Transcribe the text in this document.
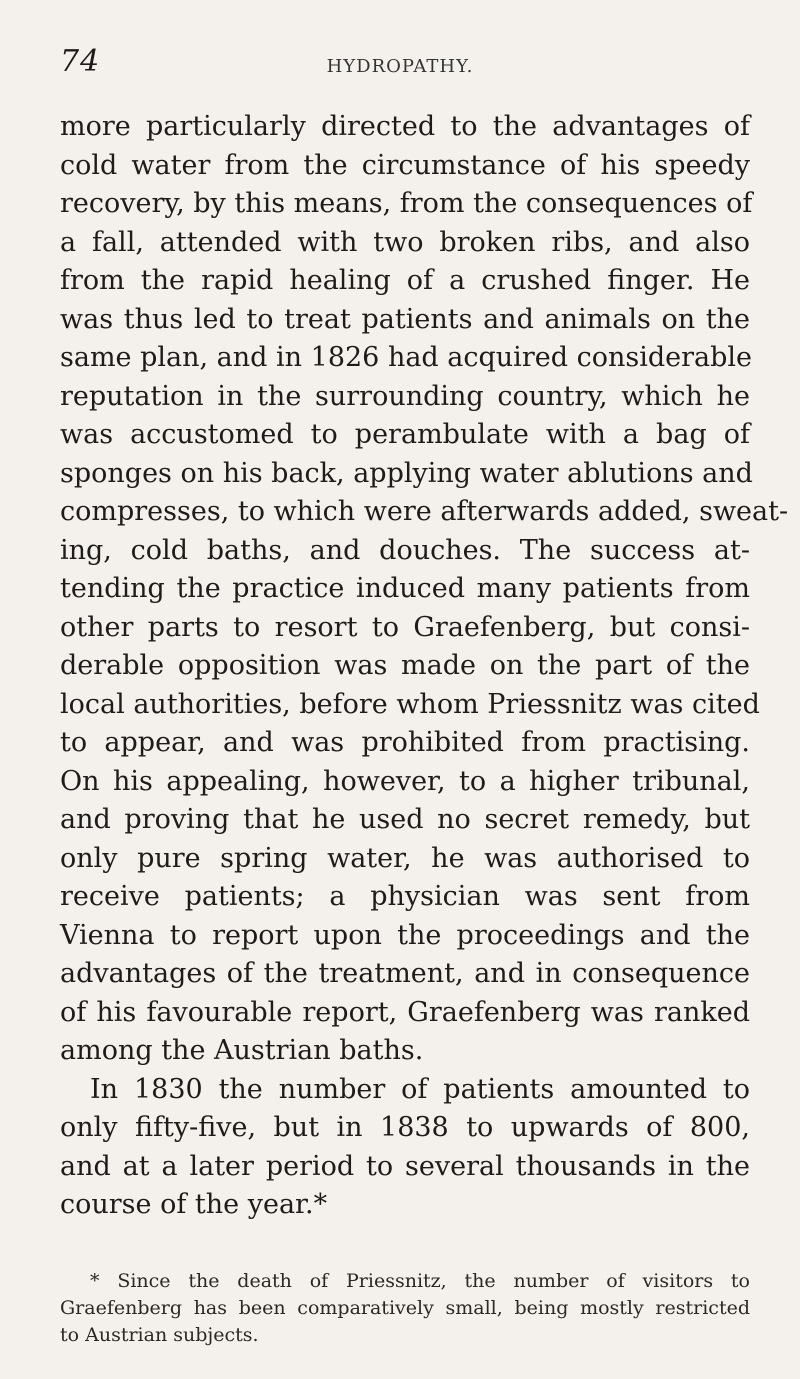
74	HYDROPATHY.
more particularly directed to the advantages of
cold water from the circumstance of his speedy
recovery, by this means, from the consequences of
a fall, attended with two broken ribs, and also
from the rapid healing of a crushed finger. He
was thus led to treat patients and animals on the
same plan, and in 1826 had acquired considerable
reputation in the surrounding country, which he
was accustomed to perambulate with a bag of
sponges on his back, applying water ablutions and
compresses, to which were afterwards added, sweat-
ing, cold baths, and douches. The success at-
tending the practice induced many patients from
other parts to resort to Graefenberg, but consi-
derable opposition was made on the part of the
local authorities, before whom Priessnitz was cited
to appear, and was prohibited from practising.
On his appealing, however, to a higher tribunal,
and proving that he used no secret remedy, but
only pure spring water, he was authorised to
receive patients; a physician was sent from
Vienna to report upon the proceedings and the
advantages of the treatment, and in consequence
of his favourable report, Graefenberg was ranked
among the Austrian baths.
In 1830 the number of patients amounted to
only fifty-five, but in 1838 to upwards of 800,
and at a later period to several thousands in the
course of the year.*
* Since the death of Priessnitz, the number of visitors to
Graefenberg has been comparatively small, being mostly restricted
to Austrian subjects.
